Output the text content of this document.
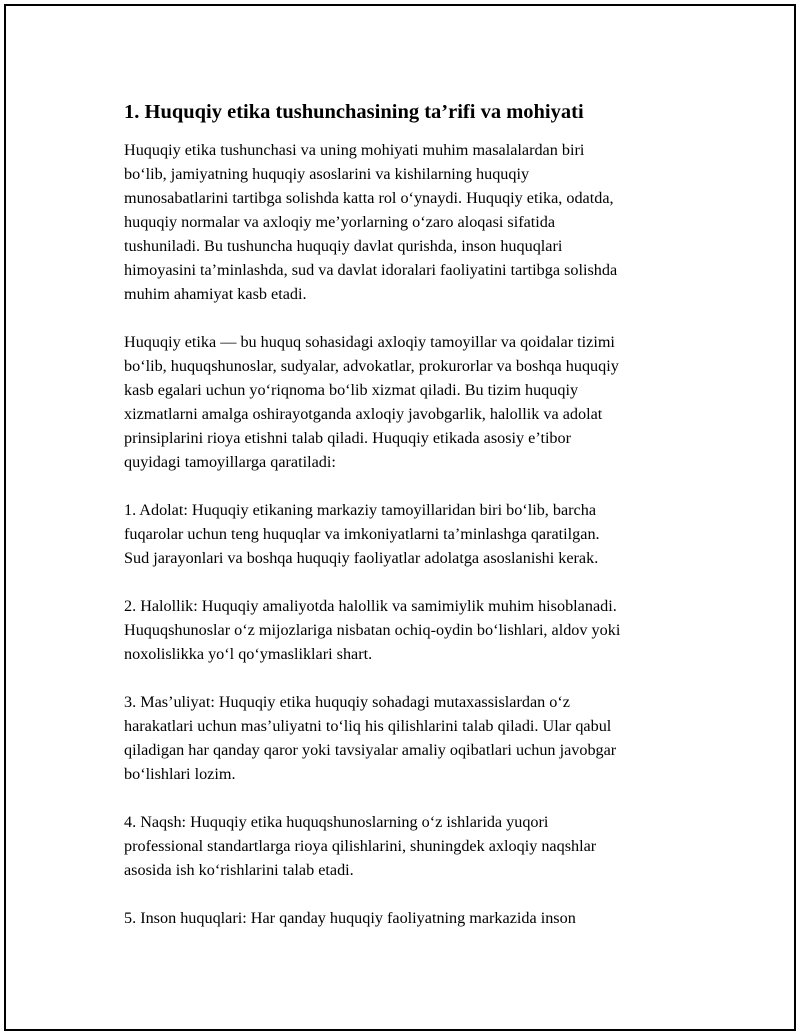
1. Huquqiy etika tushunchasining ta’rifi va mohiyati

Huquqiy etika tushunchasi va uning mohiyati muhim masalalardan biri
bo‘lib, jamiyatning huquqiy asoslarini va kishilarning huquqiy
munosabatlarini tartibga solishda katta rol o‘ynaydi. Huquqiy etika, odatda,
huquqiy normalar va axloqiy me’yorlarning o‘zaro aloqasi sifatida
tushuniladi. Bu tushuncha huquqiy davlat qurishda, inson huquqlari
himoyasini ta’minlashda, sud va davlat idoralari faoliyatini tartibga solishda
muhim ahamiyat kasb etadi.

Huquqiy etika — bu huquq sohasidagi axloqiy tamoyillar va qoidalar tizimi
bo‘lib, huquqshunoslar, sudyalar, advokatlar, prokurorlar va boshqa huquqiy
kasb egalari uchun yo‘riqnoma bo‘lib xizmat qiladi. Bu tizim huquqiy
xizmatlarni amalga oshirayotganda axloqiy javobgarlik, halollik va adolat
prinsiplarini rioya etishni talab qiladi. Huquqiy etikada asosiy e’tibor
quyidagi tamoyillarga qaratiladi:

1. Adolat: Huquqiy etikaning markaziy tamoyillaridan biri bo‘lib, barcha
fuqarolar uchun teng huquqlar va imkoniyatlarni ta’minlashga qaratilgan.
Sud jarayonlari va boshqa huquqiy faoliyatlar adolatga asoslanishi kerak.

2. Halollik: Huquqiy amaliyotda halollik va samimiylik muhim hisoblanadi.
Huquqshunoslar o‘z mijozlariga nisbatan ochiq-oydin bo‘lishlari, aldov yoki
noxolislikka yo‘l qo‘ymasliklari shart.

3. Mas’uliyat: Huquqiy etika huquqiy sohadagi mutaxassislardan o‘z
harakatlari uchun mas’uliyatni to‘liq his qilishlarini talab qiladi. Ular qabul
qiladigan har qanday qaror yoki tavsiyalar amaliy oqibatlari uchun javobgar
bo‘lishlari lozim.

4. Naqsh: Huquqiy etika huquqshunoslarning o‘z ishlarida yuqori
professional standartlarga rioya qilishlarini, shuningdek axloqiy naqshlar
asosida ish ko‘rishlarini talab etadi.

5. Inson huquqlari: Har qanday huquqiy faoliyatning markazida inson
